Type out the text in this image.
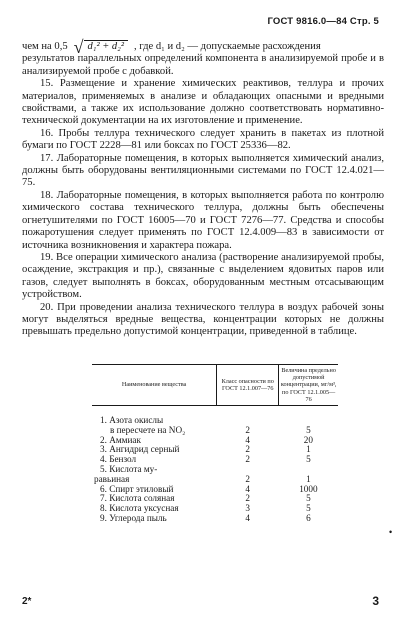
ГОСТ 9816.0—84 Стр. 5
чем на 0,5 √ d₁² + d₂² , где d₁ и d₂ — допускаемые расхождения

результатов параллельных определений компонента в анализируемой пробе и в анализируемой пробе с добавкой.

15. Размещение и хранение химических реактивов, теллура и прочих материалов, применяемых в анализе и обладающих опасными и вредными свойствами, а также их использование должно соответствовать нормативно-технической документации на их изготовление и применение.

16. Пробы теллура технического следует хранить в пакетах из плотной бумаги по ГОСТ 2228—81 или боксах по ГОСТ 25336—82.

17. Лабораторные помещения, в которых выполняется химический анализ, должны быть оборудованы вентиляционными системами по ГОСТ 12.4.021—75.

18. Лабораторные помещения, в которых выполняется работа по контролю химического состава технического теллура, должны быть обеспечены огнетушителями по ГОСТ 16005—70 и ГОСТ 7276—77. Средства и способы пожаротушения следует применять по ГОСТ 12.4.009—83 в зависимости от источника возникновения и характера пожара.

19. Все операции химического анализа (растворение анализируемой пробы, осаждение, экстракция и пр.), связанные с выделением ядовитых паров или газов, следует выполнять в боксах, оборудованным местным отсасывающим устройством.

20. При проведении анализа технического теллура в воздух рабочей зоны могут выделяться вредные вещества, концентрации которых не должны превышать предельно допустимой концентрации, приведенной в таблице.

Наименование вещества	Класс опасности по ГОСТ 12.1.007—76	Величина предельно допустимой концентрации, мг/м³, по ГОСТ 12.1.005—76
1. Азота окислы		
в пересчете на NO₂	2	5
2. Аммиак	4	20
3. Ангидрид серный	2	1
4. Бензол	2	5
5. Кислота му-		
равьиная	2	1
6. Спирт этиловый	4	1000
7. Кислота соляная	2	5
8. Кислота уксусная	3	5
9. Углерода пыль	4	6
•
2*	3
